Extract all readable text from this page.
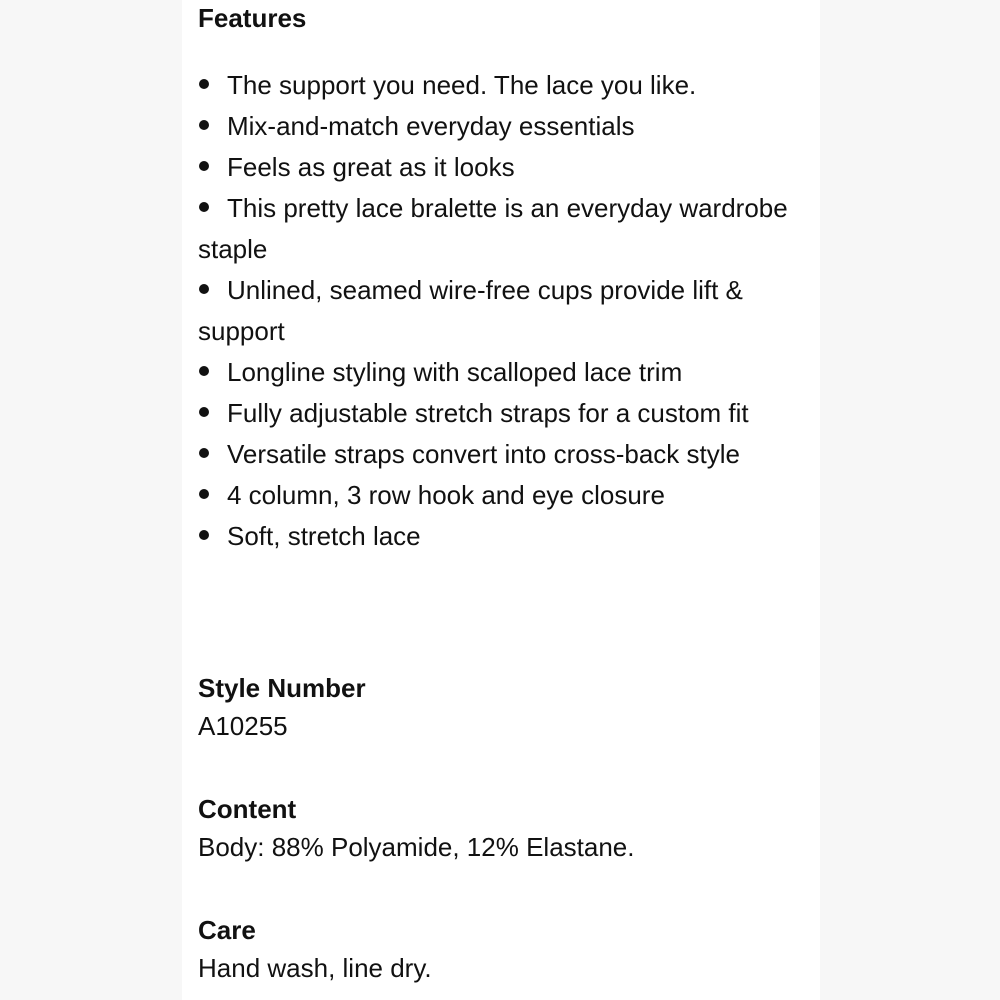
Features
The support you need. The lace you like.
Mix-and-match everyday essentials
Feels as great as it looks
This pretty lace bralette is an everyday wardrobe staple
Unlined, seamed wire-free cups provide lift & support
Longline styling with scalloped lace trim
Fully adjustable stretch straps for a custom fit
Versatile straps convert into cross-back style
4 column, 3 row hook and eye closure
Soft, stretch lace
Style Number

A10255

Content

Body: 88% Polyamide, 12% Elastane.

Care

Hand wash, line dry.
